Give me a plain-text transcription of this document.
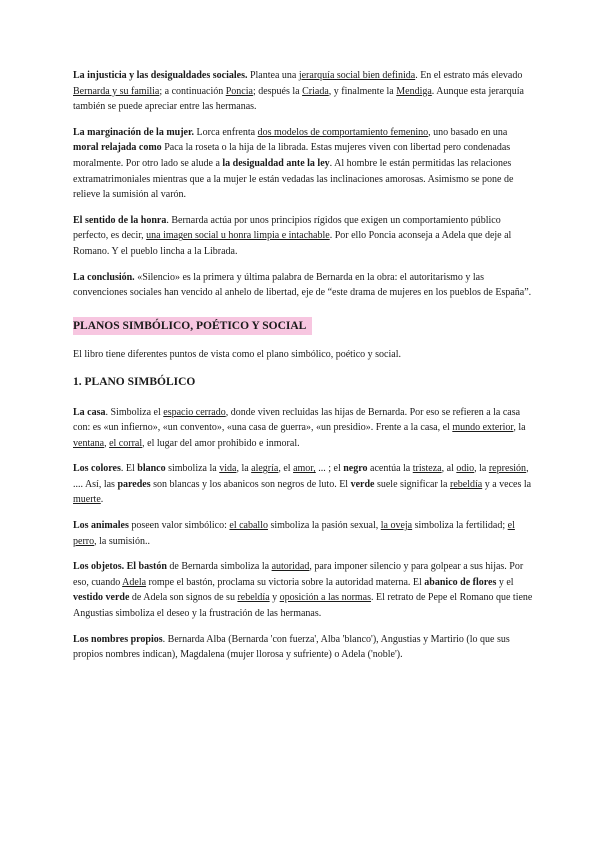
La injusticia y las desigualdades sociales. Plantea una jerarquía social bien definida. En el estrato más elevado Bernarda y su familia; a continuación Poncia; después la Criada, y finalmente la Mendiga. Aunque esta jerarquía también se puede apreciar entre las hermanas.

La marginación de la mujer. Lorca enfrenta dos modelos de comportamiento femenino, uno basado en una moral relajada como Paca la roseta o la hija de la librada. Estas mujeres viven con libertad pero condenadas moralmente. Por otro lado se alude a la desigualdad ante la ley. Al hombre le están permitidas las relaciones extramatrimoniales mientras que a la mujer le están vedadas las inclinaciones amorosas. Asimismo se pone de relieve la sumisión al varón.

El sentido de la honra. Bernarda actúa por unos principios rígidos que exigen un comportamiento público perfecto, es decir, una imagen social u honra limpia e intachable. Por ello Poncia aconseja a Adela que deje al Romano. Y el pueblo lincha a la Librada.

La conclusión. «Silencio» es la primera y última palabra de Bernarda en la obra: el autoritarismo y las convenciones sociales han vencido al anhelo de libertad, eje de “este drama de mujeres en los pueblos de España”.

PLANOS SIMBÓLICO, POÉTICO Y SOCIAL

El libro tiene diferentes puntos de vista como el plano simbólico, poético y social.

1. PLANO SIMBÓLICO

La casa. Simboliza el espacio cerrado, donde viven recluidas las hijas de Bernarda. Por eso se refieren a la casa con: es «un infierno», «un convento», «una casa de guerra», «un presidio». Frente a la casa, el mundo exterior, la ventana, el corral, el lugar del amor prohibido e inmoral.

Los colores. El blanco simboliza la vida, la alegría, el amor, ... ; el negro acentúa la tristeza, al odio, la represión, .... Así, las paredes son blancas y los abanicos son negros de luto. El verde suele significar la rebeldía y a veces la muerte.

Los animales poseen valor simbólico: el caballo simboliza la pasión sexual, la oveja simboliza la fertilidad; el perro, la sumisión..

Los objetos. El bastón de Bernarda simboliza la autoridad, para imponer silencio y para golpear a sus hijas. Por eso, cuando Adela rompe el bastón, proclama su victoria sobre la autoridad materna. El abanico de flores y el vestido verde de Adela son signos de su rebeldía y oposición a las normas. El retrato de Pepe el Romano que tiene Angustias simboliza el deseo y la frustración de las hermanas.

Los nombres propios. Bernarda Alba (Bernarda 'con fuerza', Alba 'blanco'), Angustias y Martirio (lo que sus propios nombres indican), Magdalena (mujer llorosa y sufriente) o Adela ('noble').
